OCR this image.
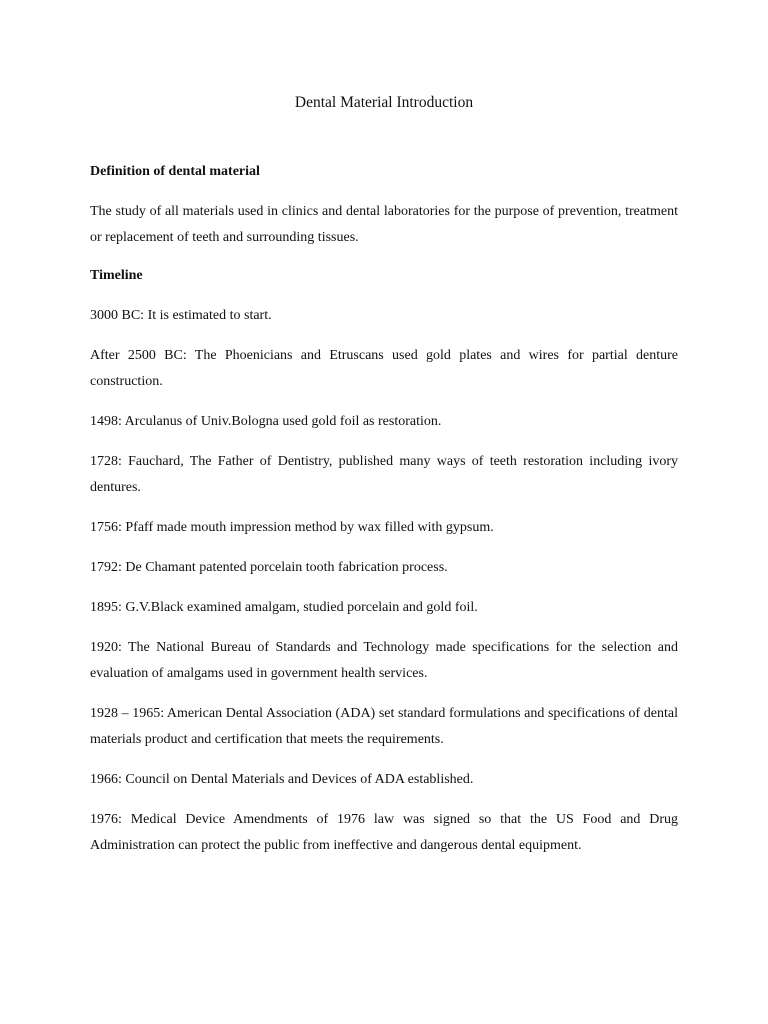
Dental Material Introduction

Definition of dental material

The study of all materials used in clinics and dental laboratories for the purpose of prevention, treatment or replacement of teeth and surrounding tissues.

Timeline

3000 BC: It is estimated to start.

After 2500 BC: The Phoenicians and Etruscans used gold plates and wires for partial denture construction.

1498: Arculanus of Univ.Bologna used gold foil as restoration.

1728: Fauchard, The Father of Dentistry, published many ways of teeth restoration including ivory dentures.

1756: Pfaff made mouth impression method by wax filled with gypsum.

1792: De Chamant patented porcelain tooth fabrication process.

1895: G.V.Black examined amalgam, studied porcelain and gold foil.

1920: The National Bureau of Standards and Technology made specifications for the selection and evaluation of amalgams used in government health services.

1928 – 1965: American Dental Association (ADA) set standard formulations and specifications of dental materials product and certification that meets the requirements.

1966: Council on Dental Materials and Devices of ADA established.

1976: Medical Device Amendments of 1976 law was signed so that the US Food and Drug Administration can protect the public from ineffective and dangerous dental equipment.
